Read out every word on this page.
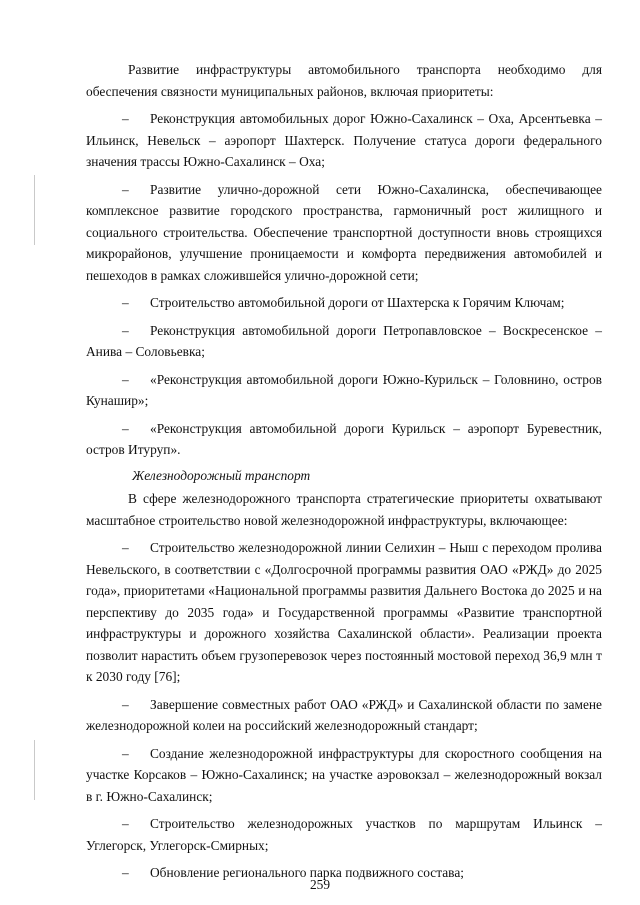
Развитие инфраструктуры автомобильного транспорта необходимо для обеспечения связности муниципальных районов, включая приоритеты:

– Реконструкция автомобильных дорог Южно-Сахалинск – Оха, Арсентьевка – Ильинск, Невельск – аэропорт Шахтерск. Получение статуса дороги федерального значения трассы Южно-Сахалинск – Оха;

– Развитие улично-дорожной сети Южно-Сахалинска, обеспечивающее комплексное развитие городского пространства, гармоничный рост жилищного и социального строительства. Обеспечение транспортной доступности вновь строящихся микрорайонов, улучшение проницаемости и комфорта передвижения автомобилей и пешеходов в рамках сложившейся улично-дорожной сети;

– Строительство автомобильной дороги от Шахтерска к Горячим Ключам;

– Реконструкция автомобильной дороги Петропавловское – Воскресенское – Анива – Соловьевка;

– «Реконструкция автомобильной дороги Южно-Курильск – Головнино, остров Кунашир»;

– «Реконструкция автомобильной дороги Курильск – аэропорт Буревестник, остров Итуруп».

Железнодорожный транспорт

В сфере железнодорожного транспорта стратегические приоритеты охватывают масштабное строительство новой железнодорожной инфраструктуры, включающее:

– Строительство железнодорожной линии Селихин – Ныш с переходом пролива Невельского, в соответствии с «Долгосрочной программы развития ОАО «РЖД» до 2025 года», приоритетами «Национальной программы развития Дальнего Востока до 2025 и на перспективу до 2035 года» и Государственной программы «Развитие транспортной инфраструктуры и дорожного хозяйства Сахалинской области». Реализации проекта позволит нарастить объем грузоперевозок через постоянный мостовой переход 36,9 млн т к 2030 году [76];

– Завершение совместных работ ОАО «РЖД» и Сахалинской области по замене железнодорожной колеи на российский железнодорожный стандарт;

– Создание железнодорожной инфраструктуры для скоростного сообщения на участке Корсаков – Южно-Сахалинск; на участке аэровокзал – железнодорожный вокзал в г. Южно-Сахалинск;

– Строительство железнодорожных участков по маршрутам Ильинск – Углегорск, Углегорск-Смирных;

– Обновление регионального парка подвижного состава;

259
